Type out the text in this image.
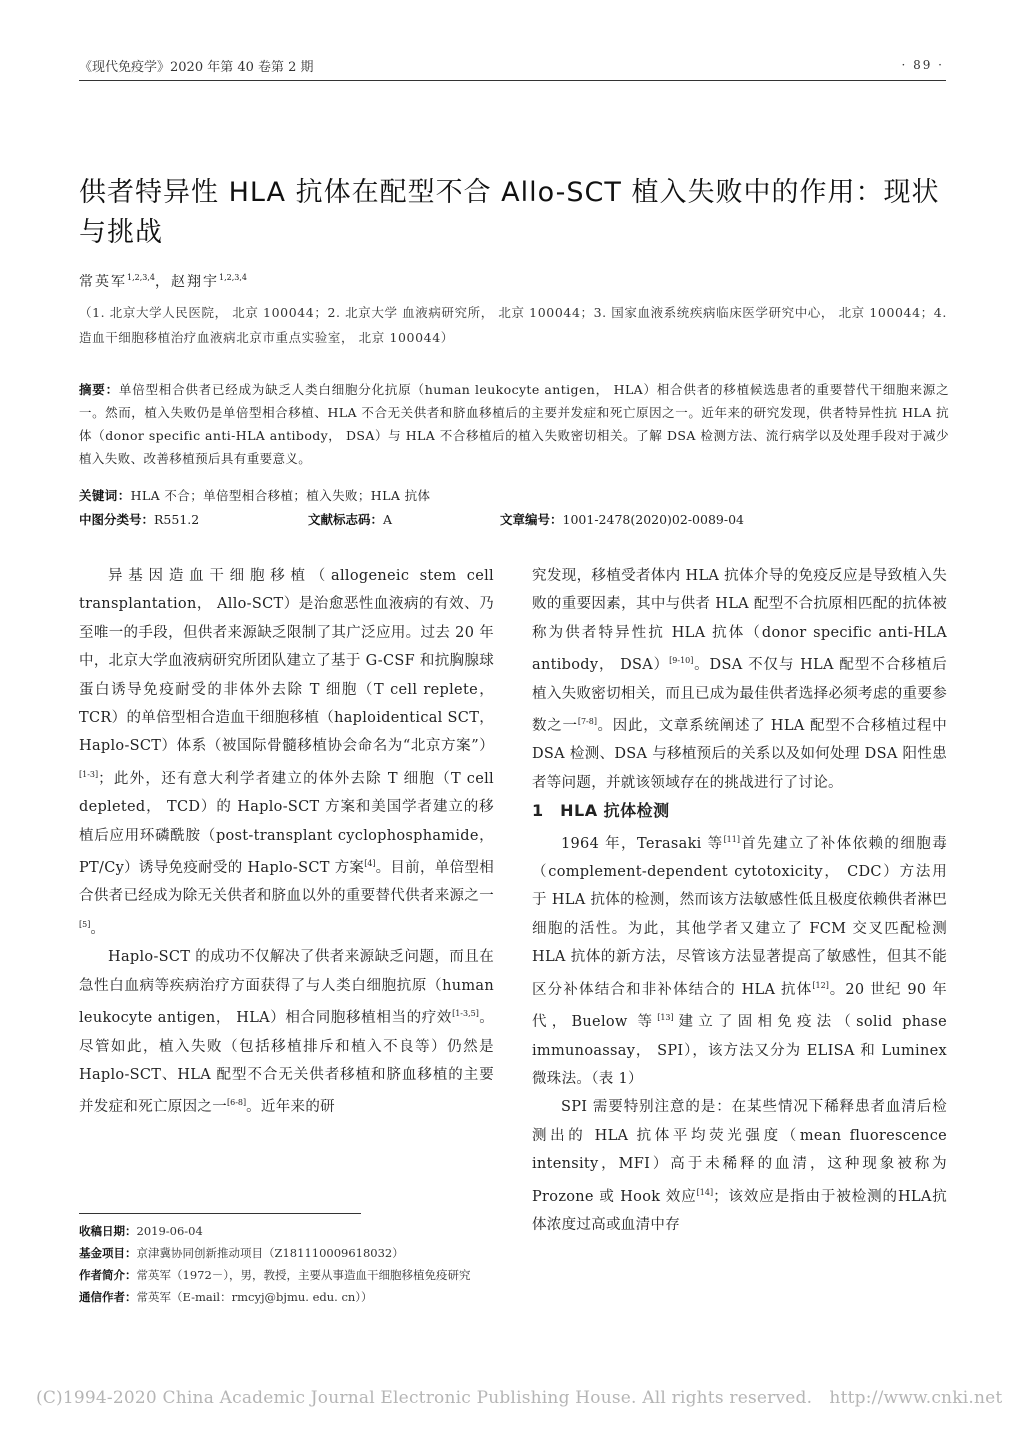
《现代免疫学》2020 年第 40 卷第 2 期	· 89 ·
供者特异性 HLA 抗体在配型不合 Allo-SCT 植入失败中的作用：现状与挑战
常英军$^{1,2,3,4}$，赵翔宇$^{1,2,3,4}$
（1. 北京大学人民医院， 北京 100044；2. 北京大学 血液病研究所， 北京 100044；3. 国家血液系统疾病临床医学研究中心， 北京 100044；4. 造血干细胞移植治疗血液病北京市重点实验室， 北京 100044）
摘要：单倍型相合供者已经成为缺乏人类白细胞分化抗原（human leukocyte antigen， HLA）相合供者的移植候选患者的重要替代干细胞来源之一。然而，植入失败仍是单倍型相合移植、HLA 不合无关供者和脐血移植后的主要并发症和死亡原因之一。近年来的研究发现，供者特异性抗 HLA 抗体（donor specific anti-HLA antibody， DSA）与 HLA 不合移植后的植入失败密切相关。了解 DSA 检测方法、流行病学以及处理手段对于减少植入失败、改善移植预后具有重要意义。
关键词：HLA 不合；单倍型相合移植；植入失败；HLA 抗体
中图分类号：R551.2	文献标志码：A	文章编号：1001-2478(2020)02-0089-04

异基因造血干细胞移植（allogeneic stem cell transplantation， Allo-SCT）是治愈恶性血液病的有效、乃至唯一的手段，但供者来源缺乏限制了其广泛应用。过去 20 年中，北京大学血液病研究所团队建立了基于 G-CSF 和抗胸腺球蛋白诱导免疫耐受的非体外去除 T 细胞（T cell replete， TCR）的单倍型相合造血干细胞移植（haploidentical SCT， Haplo-SCT）体系（被国际骨髓移植协会命名为“北京方案”）[1-3]；此外，还有意大利学者建立的体外去除 T 细胞（T cell depleted， TCD）的 Haplo-SCT 方案和美国学者建立的移植后应用环磷酰胺（post-transplant cyclophosphamide， PT/Cy）诱导免疫耐受的 Haplo-SCT 方案[4]。目前，单倍型相合供者已经成为除无关供者和脐血以外的重要替代供者来源之一[5]。

Haplo-SCT 的成功不仅解决了供者来源缺乏问题，而且在急性白血病等疾病治疗方面获得了与人类白细胞抗原（human leukocyte antigen， HLA）相合同胞移植相当的疗效[1-3,5]。尽管如此，植入失败（包括移植排斥和植入不良等）仍然是 Haplo-SCT、HLA 配型不合无关供者移植和脐血移植的主要并发症和死亡原因之一[6-8]。近年来的研

究发现，移植受者体内 HLA 抗体介导的免疫反应是导致植入失败的重要因素，其中与供者 HLA 配型不合抗原相匹配的抗体被称为供者特异性抗 HLA 抗体（donor specific anti-HLA antibody， DSA）[9-10]。DSA 不仅与 HLA 配型不合移植后植入失败密切相关，而且已成为最佳供者选择必须考虑的重要参数之一[7-8]。因此，文章系统阐述了 HLA 配型不合移植过程中 DSA 检测、DSA 与移植预后的关系以及如何处理 DSA 阳性患者等问题，并就该领域存在的挑战进行了讨论。

1　HLA 抗体检测

1964 年，Terasaki 等[11]首先建立了补体依赖的细胞毒（complement-dependent cytotoxicity， CDC）方法用于 HLA 抗体的检测，然而该方法敏感性低且极度依赖供者淋巴细胞的活性。为此，其他学者又建立了 FCM 交叉匹配检测 HLA 抗体的新方法，尽管该方法显著提高了敏感性，但其不能区分补体结合和非补体结合的 HLA 抗体[12]。20 世纪 90 年代，Buelow 等[13]建立了固相免疫法（solid phase immunoassay， SPI），该方法又分为 ELISA 和 Luminex 微珠法。（表 1）

SPI 需要特别注意的是：在某些情况下稀释患者血清后检测出的 HLA 抗体平均荧光强度（mean fluorescence intensity，MFI）高于未稀释的血清，这种现象被称为 Prozone 或 Hook 效应[14]；该效应是指由于被检测的HLA抗体浓度过高或血清中存

收稿日期：2019-06-04
基金项目：京津冀协同创新推动项目（Z181110009618032）
作者简介：常英军（1972－），男，教授，主要从事造血干细胞移植免疫研究
通信作者：常英军（E-mail：rmcyj@bjmu. edu. cn））
(C)1994-2020 China Academic Journal Electronic Publishing House. All rights reserved.　http://www.cnki.net
